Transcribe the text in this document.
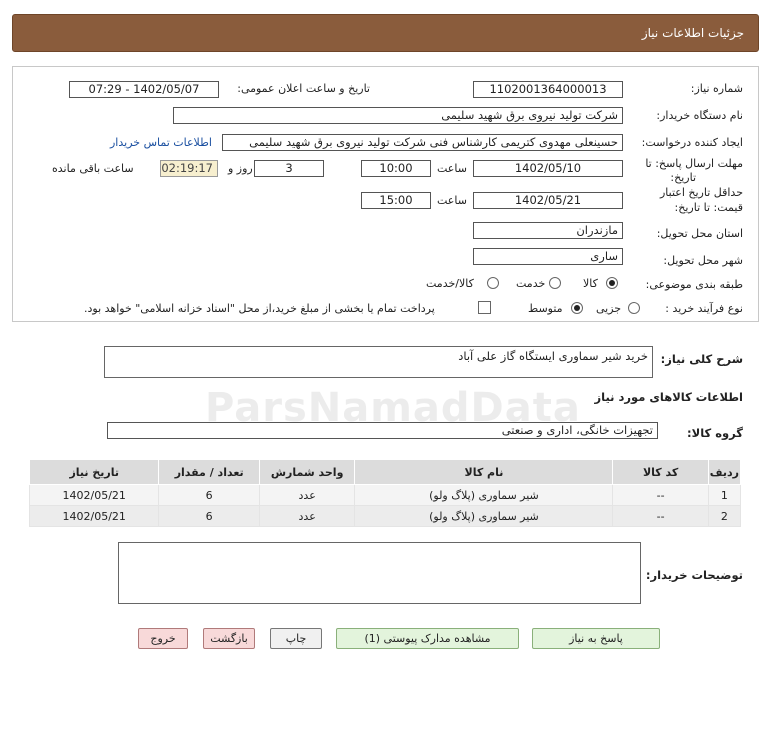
جزئیات اطلاعات نیاز
شماره نیاز:
1102001364000013
تاریخ و ساعت اعلان عمومی:
1402/05/07 - 07:29
نام دستگاه خریدار:
شرکت تولید نیروی برق شهید سلیمی
ایجاد کننده درخواست:
حسینعلی مهدوی کتریمی کارشناس فنی شرکت تولید نیروی برق شهید سلیمی
اطلاعات تماس خریدار
مهلت ارسال پاسخ: تا
تاریخ:
1402/05/10
ساعت
10:00
3
روز و
02:19:17
ساعت باقی مانده
حداقل تاریخ اعتبار
قیمت: تا تاریخ:
1402/05/21
ساعت
15:00
استان محل تحویل:
مازندران
شهر محل تحویل:
ساری
طبقه بندی موضوعی:
کالا
خدمت
کالا/خدمت
نوع فرآیند خرید :
جزیی
متوسط
پرداخت تمام یا بخشی از مبلغ خرید،از محل "اسناد خزانه اسلامی" خواهد بود.
ParsNamadData
شرح کلی نیاز:
خرید شیر سماوری ایستگاه گاز علی آباد
اطلاعات کالاهای مورد نیاز
گروه کالا:
تجهیزات خانگی، اداری و صنعتی
ردیف	کد کالا	نام کالا	واحد شمارش	تعداد / مقدار	تاریخ نیاز
1	--	شیر سماوری (پلاگ ولو)	عدد	6	1402/05/21
2	--	شیر سماوری (پلاگ ولو)	عدد	6	1402/05/21
توضیحات خریدار:
پاسخ به نیاز
مشاهده مدارک پیوستی (1)
چاپ
بازگشت
خروج
